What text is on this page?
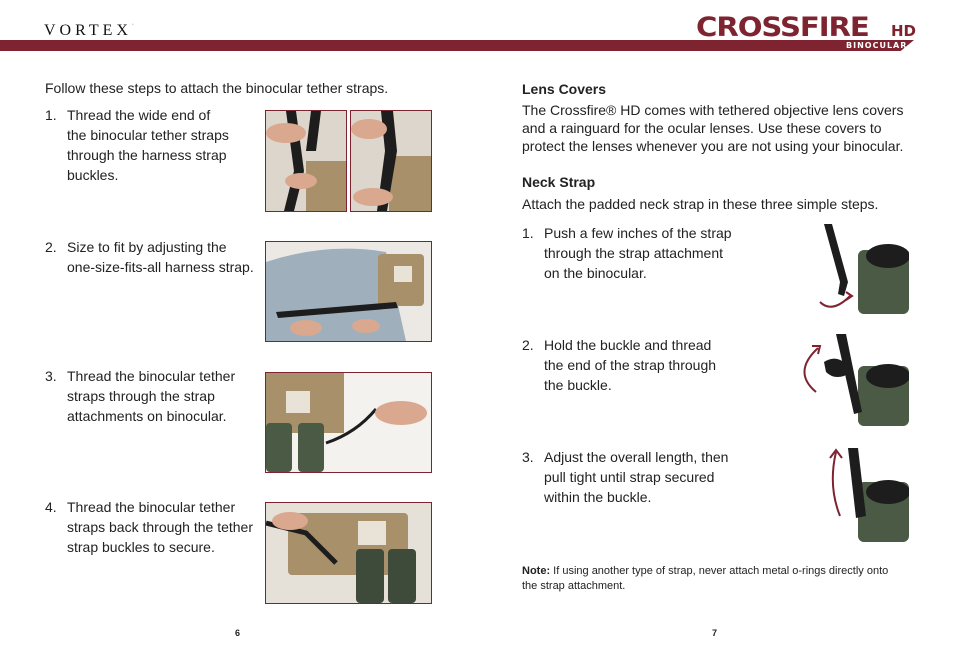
VORTEX·	CROSSFIRE HD
BINOCULAR
Follow these steps to attach the binocular tether straps.
1. Thread the wide end of
the binocular tether straps
through the harness strap
buckles.
2. Size to fit by adjusting the
one-size-fits-all harness strap.
3. Thread the binocular tether
straps through the strap
attachments on binocular.
4. Thread the binocular tether
straps back through the tether
strap buckles to secure.
6
Lens Covers
The Crossfire® HD comes with tethered objective lens covers
and a rainguard for the ocular lenses. Use these covers to
protect the lenses whenever you are not using your binocular.
Neck Strap
Attach the padded neck strap in these three simple steps.
1. Push a few inches of the strap
through the strap attachment
on the binocular.
2. Hold the buckle and thread
the end of the strap through
the buckle.
3. Adjust the overall length, then
pull tight until strap secured
within the buckle.
Note: If using another type of strap, never attach metal o-rings directly onto
the strap attachment.
7
